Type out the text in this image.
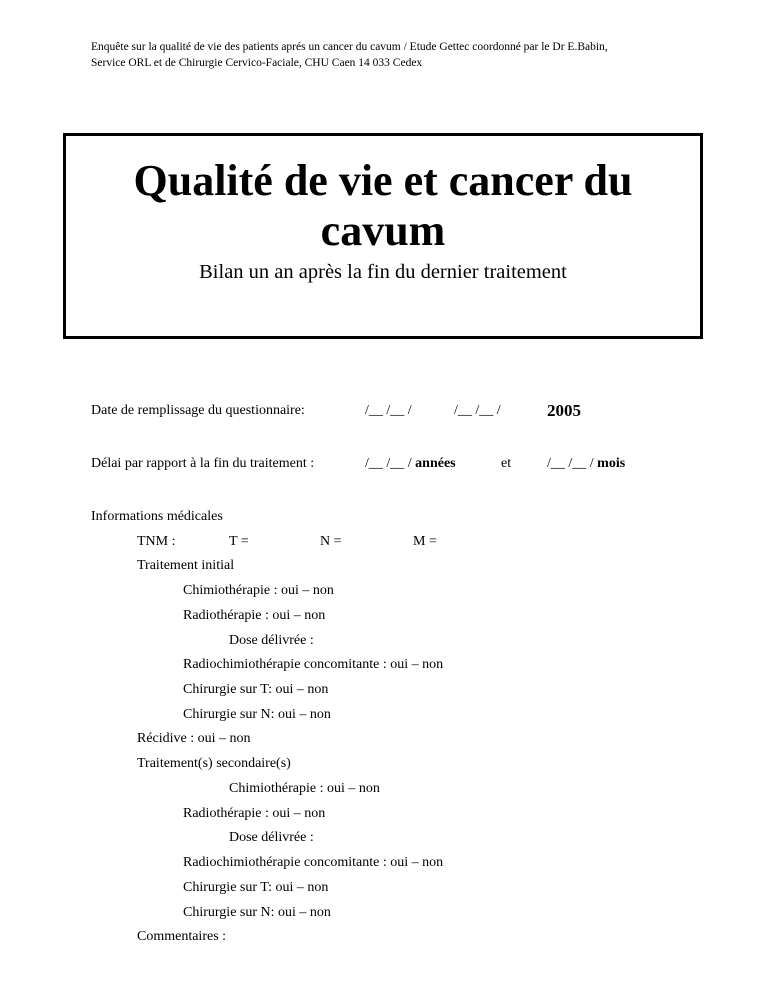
Enquête sur la qualité de vie des patients aprés un cancer du cavum / Etude Gettec coordonné par le Dr E.Babin,
Service ORL et de Chirurgie Cervico-Faciale, CHU Caen 14 033 Cedex
Qualité de vie et cancer du cavum
Bilan un an après la fin du dernier traitement
Date de remplissage du questionnaire:	/__ /__ /	/__ /__ /	2005
Délai par rapport à la fin du traitement :	/__ /__ / années	et	/__ /__ / mois
Informations médicales
TNM :	T =	N =	M =
Traitement initial
Chimiothérapie : oui – non
Radiothérapie : oui – non
Dose délivrée :
Radiochimiothérapie concomitante : oui – non
Chirurgie sur T: oui – non
Chirurgie sur N: oui – non
Récidive : oui – non
Traitement(s) secondaire(s)
Chimiothérapie : oui – non
Radiothérapie : oui – non
Dose délivrée :
Radiochimiothérapie concomitante : oui – non
Chirurgie sur T: oui – non
Chirurgie sur N: oui – non
Commentaires :
